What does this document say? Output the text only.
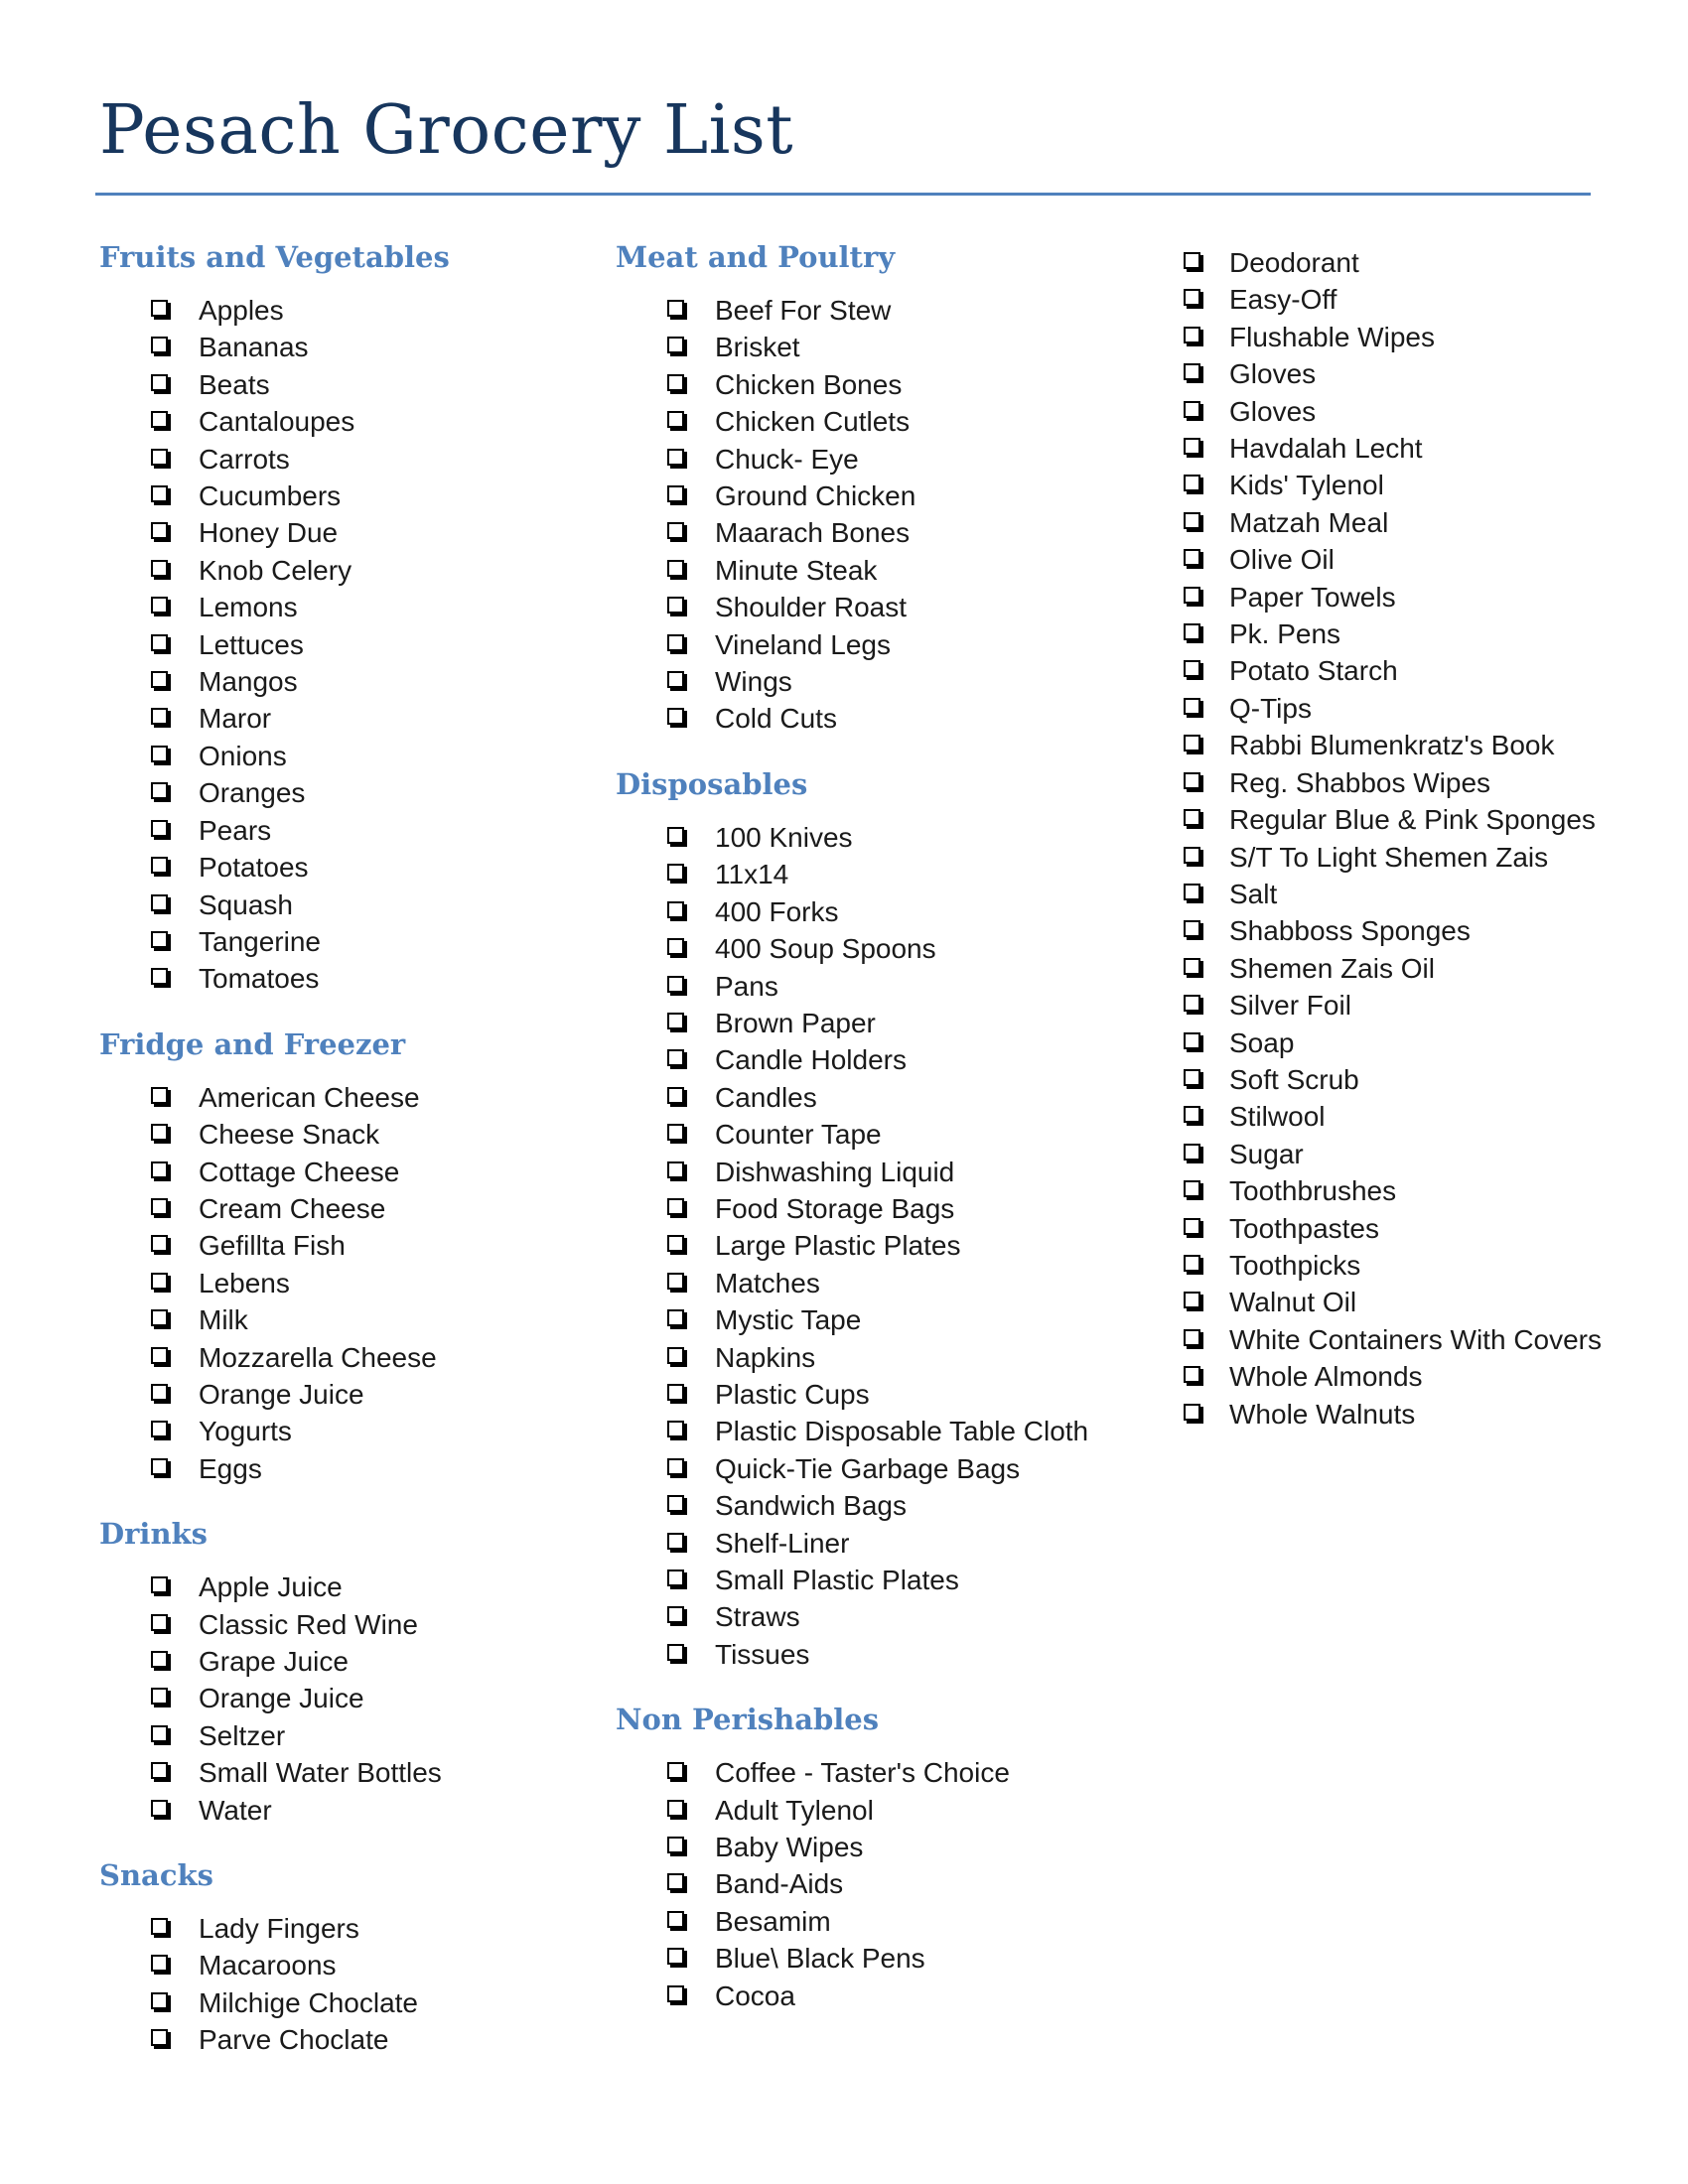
Pesach Grocery List
Fruits and Vegetables
Apples
Bananas
Beats
Cantaloupes
Carrots
Cucumbers
Honey Due
Knob Celery
Lemons
Lettuces
Mangos
Maror
Onions
Oranges
Pears
Potatoes
Squash
Tangerine
Tomatoes
Fridge and Freezer
American Cheese
Cheese Snack
Cottage Cheese
Cream Cheese
Gefillta Fish
Lebens
Milk
Mozzarella Cheese
Orange Juice
Yogurts
Eggs
Drinks
Apple Juice
Classic Red Wine
Grape Juice
Orange Juice
Seltzer
Small Water Bottles
Water
Snacks
Lady Fingers
Macaroons
Milchige Choclate
Parve Choclate
Meat and Poultry
Beef For Stew
Brisket
Chicken Bones
Chicken Cutlets
Chuck- Eye
Ground Chicken
Maarach Bones
Minute Steak
Shoulder Roast
Vineland Legs
Wings
Cold Cuts
Disposables
100 Knives
11x14
400 Forks
400 Soup Spoons
Pans
Brown Paper
Candle Holders
Candles
Counter Tape
Dishwashing Liquid
Food Storage Bags
Large Plastic Plates
Matches
Mystic Tape
Napkins
Plastic Cups
Plastic Disposable Table Cloth
Quick-Tie Garbage Bags
Sandwich Bags
Shelf-Liner
Small Plastic Plates
Straws
Tissues
Non Perishables
Coffee - Taster's Choice
Adult Tylenol
Baby Wipes
Band-Aids
Besamim
Blue\ Black Pens
Cocoa
Deodorant
Easy-Off
Flushable Wipes
Gloves
Gloves
Havdalah Lecht
Kids' Tylenol
Matzah Meal
Olive Oil
Paper Towels
Pk. Pens
Potato Starch
Q-Tips
Rabbi Blumenkratz's Book
Reg. Shabbos Wipes
Regular Blue & Pink Sponges
S/T To Light Shemen Zais
Salt
Shabboss Sponges
Shemen Zais Oil
Silver Foil
Soap
Soft Scrub
Stilwool
Sugar
Toothbrushes
Toothpastes
Toothpicks
Walnut Oil
White Containers With Covers
Whole Almonds
Whole Walnuts
